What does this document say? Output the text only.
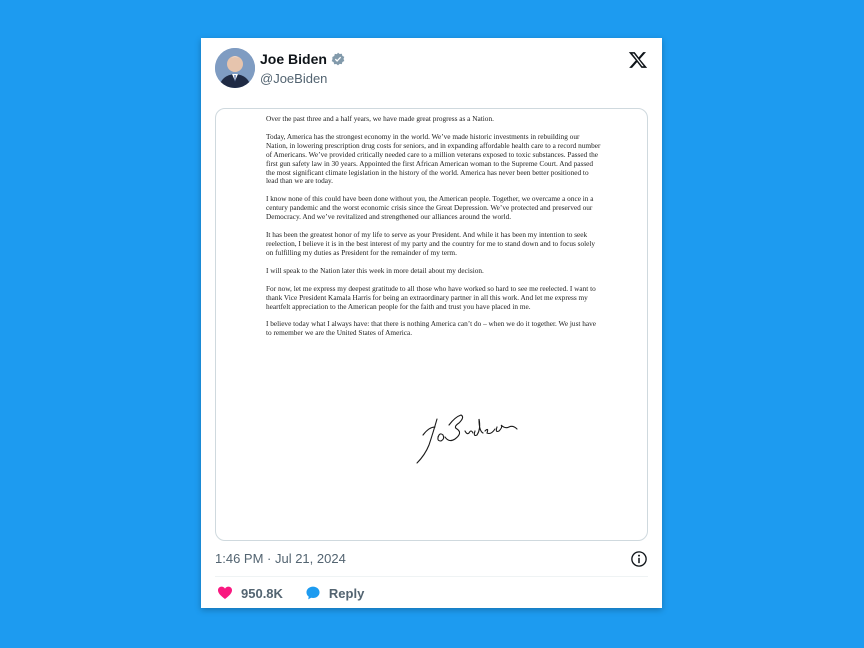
Joe Biden
@JoeBiden

Over the past three and a half years, we have made great progress as a Nation.

Today, America has the strongest economy in the world. We’ve made historic investments in rebuilding our Nation, in lowering prescription drug costs for seniors, and in expanding affordable health care to a record number of Americans. We’ve provided critically needed care to a million veterans exposed to toxic substances. Passed the first gun safety law in 30 years. Appointed the first African American woman to the Supreme Court. And passed the most significant climate legislation in the history of the world. America has never been better positioned to lead than we are today.

I know none of this could have been done without you, the American people. Together, we overcame a once in a century pandemic and the worst economic crisis since the Great Depression. We’ve protected and preserved our Democracy. And we’ve revitalized and strengthened our alliances around the world.

It has been the greatest honor of my life to serve as your President. And while it has been my intention to seek reelection, I believe it is in the best interest of my party and the country for me to stand down and to focus solely on fulfilling my duties as President for the remainder of my term.

I will speak to the Nation later this week in more detail about my decision.

For now, let me express my deepest gratitude to all those who have worked so hard to see me reelected. I want to thank Vice President Kamala Harris for being an extraordinary partner in all this work. And let me express my heartfelt appreciation to the American people for the faith and trust you have placed in me.

I believe today what I always have: that there is nothing America can’t do – when we do it together. We just have to remember we are the United States of America.

1:46 PM · Jul 21, 2024
950.8K	Reply
